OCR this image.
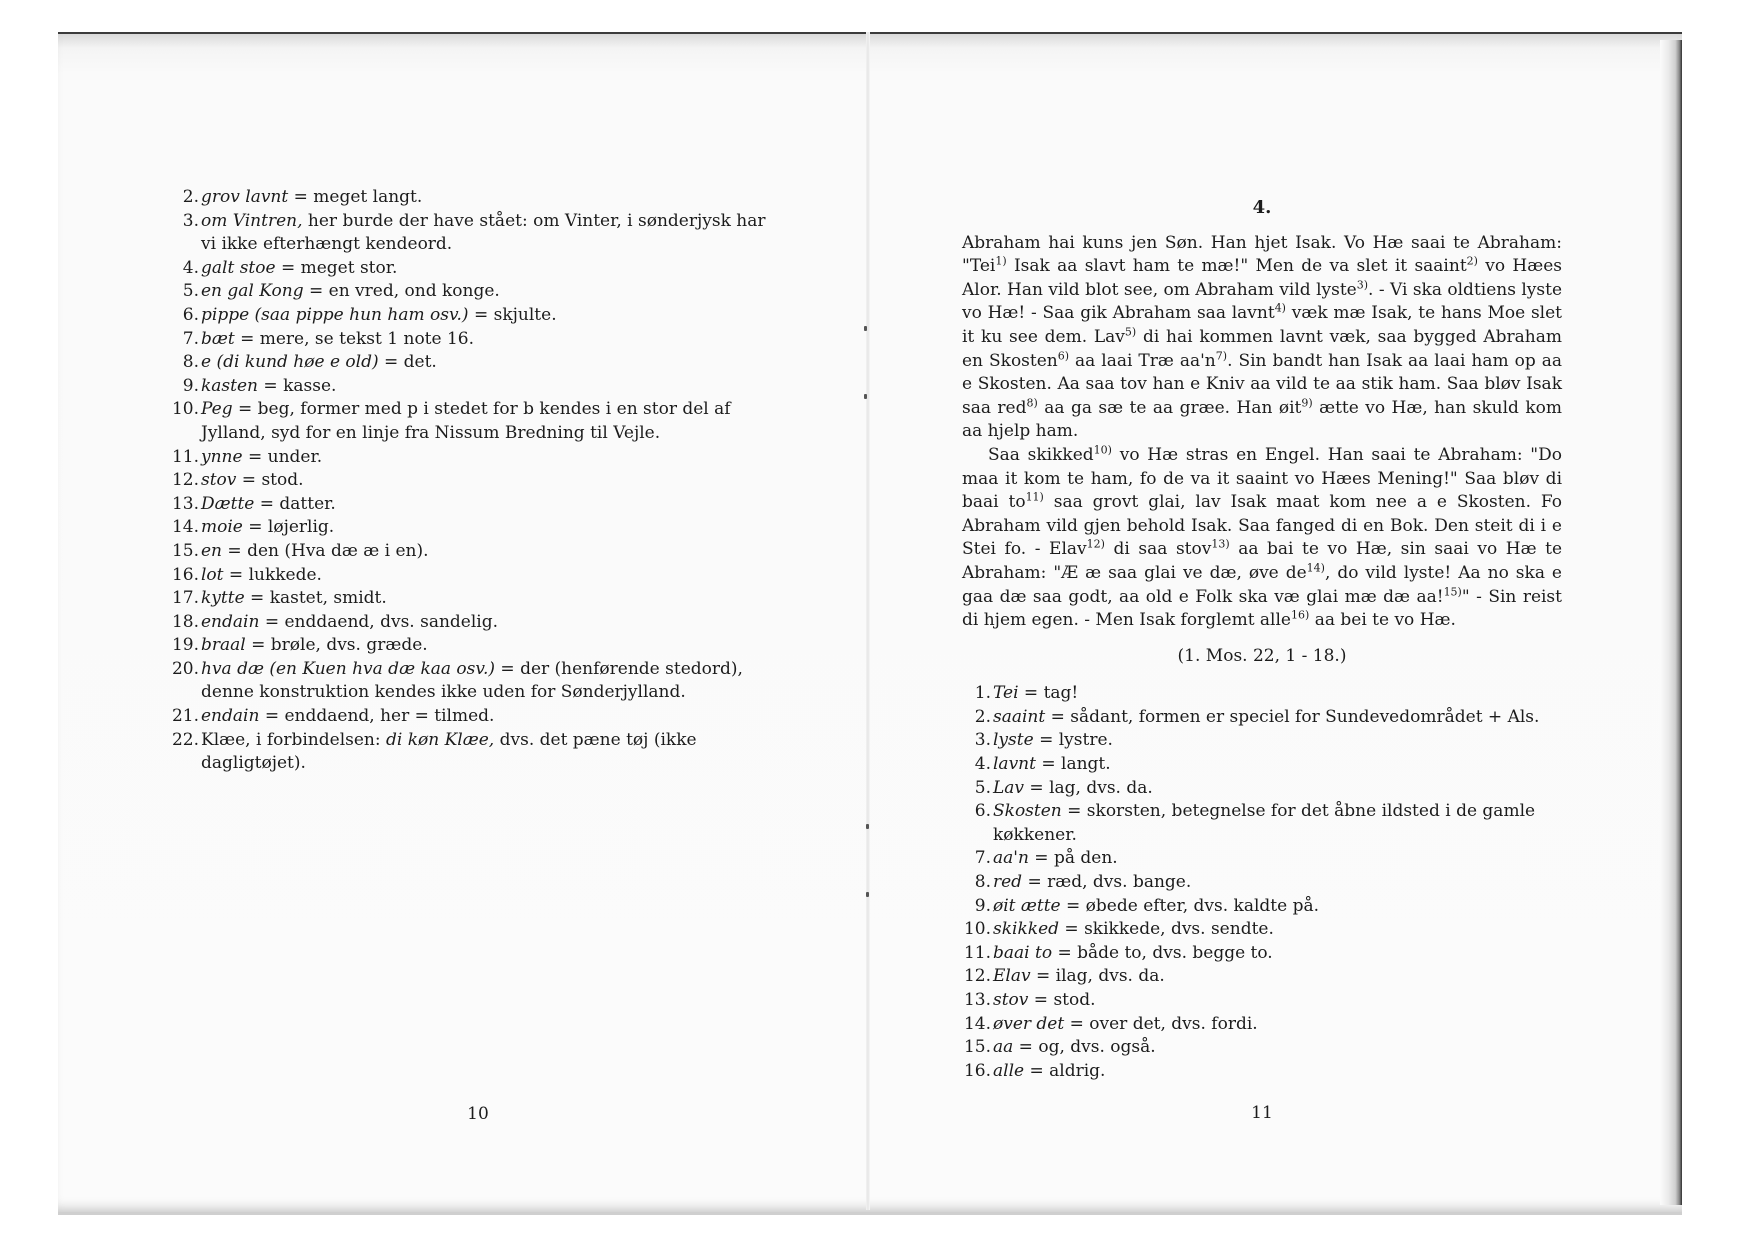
2. grov lavnt = meget langt.
3. om Vintren, her burde der have stået: om Vinter, i sønderjysk har vi ikke efterhængt kendeord.
4. galt stoe = meget stor.
5. en gal Kong = en vred, ond konge.
6. pippe (saa pippe hun ham osv.) = skjulte.
7. bæt = mere, se tekst 1 note 16.
8. e (di kund høe e old) = det.
9. kasten = kasse.
10. Peg = beg, former med p i stedet for b kendes i en stor del af Jylland, syd for en linje fra Nissum Bredning til Vejle.
11. ynne = under.
12. stov = stod.
13. Dætte = datter.
14. moie = løjerlig.
15. en = den (Hva dæ æ i en).
16. lot = lukkede.
17. kytte = kastet, smidt.
18. endain = enddaend, dvs. sandelig.
19. braal = brøle, dvs. græde.
20. hva dæ (en Kuen hva dæ kaa osv.) = der (henførende stedord), denne konstruktion kendes ikke uden for Sønderjylland.
21. endain = enddaend, her = tilmed.
22. Klæe, i forbindelsen: di køn Klæe, dvs. det pæne tøj (ikke dagligtøjet).
10
4.

Abraham hai kuns jen Søn. Han hjet Isak. Vo Hæ saai te Abraham: "Tei$^{1)}$ Isak aa slavt ham te mæ!" Men de va slet it saaint$^{2)}$ vo Hæes Alor. Han vild blot see, om Abraham vild lyste$^{3)}$. - Vi ska oldtiens lyste vo Hæ! - Saa gik Abraham saa lavnt$^{4)}$ væk mæ Isak, te hans Moe slet it ku see dem. Lav$^{5)}$ di hai kommen lavnt væk, saa bygged Abraham en Skosten$^{6)}$ aa laai Træ $aa'n^{7)}$. Sin bandt han Isak aa laai ham op aa e Skosten. Aa saa tov han e Kniv aa vild te aa stik ham. Saa bløv Isak saa red$^{8)}$ aa ga sæ te aa græe. Han øit$^{9)}$ ætte vo Hæ, han skuld kom aa hjelp ham.

Saa skikked$^{10)}$ vo Hæ stras en Engel. Han saai te Abraham: "Do maa it kom te ham, fo de va it saaint vo Hæes Mening!" Saa bløv di baai $to^{11)}$ saa grovt glai, lav Isak maat kom nee a e Skosten. Fo Abraham vild gjen behold Isak. Saa fanged di en Bok. Den steit di i e Stei fo. - Elav$^{12)}$ di saa stov$^{13)}$ aa bai te vo Hæ, sin saai vo Hæ te Abraham: "Æ æ saa glai ve dæ, øve $de^{14)}$, do vild lyste! Aa no ska e gaa dæ saa godt, aa old e Folk ska væ glai mæ dæ aa!$^{15)}$" - Sin reist di hjem egen. - Men Isak forglemt alle$^{16)}$ aa bei te vo Hæ.

(1. Mos. 22, 1 - 18.)
1. Tei = tag!
2. saaint = sådant, formen er speciel for Sundevedområdet + Als.
3. lyste = lystre.
4. lavnt = langt.
5. Lav = lag, dvs. da.
6. Skosten = skorsten, betegnelse for det åbne ildsted i de gamle køkkener.
7. aa'n = på den.
8. red = ræd, dvs. bange.
9. øit ætte = øbede efter, dvs. kaldte på.
10. skikked = skikkede, dvs. sendte.
11. baai to = både to, dvs. begge to.
12. Elav = ilag, dvs. da.
13. stov = stod.
14. øver det = over det, dvs. fordi.
15. aa = og, dvs. også.
16. alle = aldrig.
11
